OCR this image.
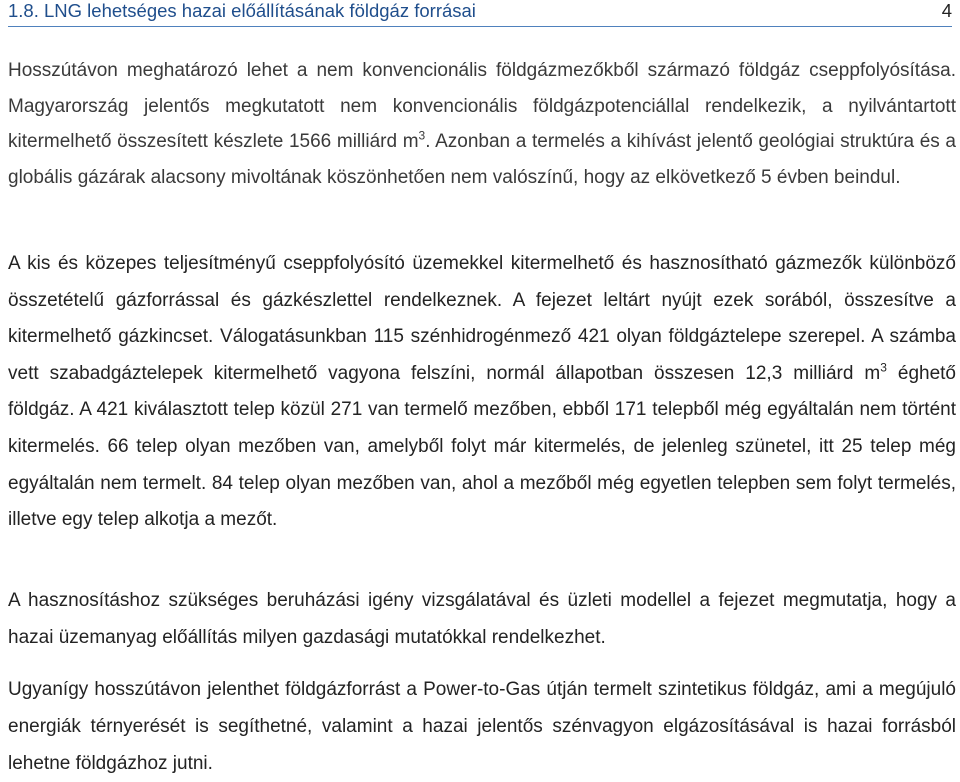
1.8. LNG lehetséges hazai előállításának földgáz forrásai	4

Hosszútávon meghatározó lehet a nem konvencionális földgázmezőkből származó földgáz cseppfolyósítása. Magyarország jelentős megkutatott nem konvencionális földgázpotenciállal rendelkezik, a nyilvántartott kitermelhető összesített készlete 1566 milliárd $m^3$. Azonban a termelés a kihívást jelentő geológiai struktúra és a globális gázárak alacsony mivoltának köszönhetően nem valószínű, hogy az elkövetkező 5 évben beindul.

A kis és közepes teljesítményű cseppfolyósító üzemekkel kitermelhető és hasznosítható gázmezők különböző összetételű gázforrással és gázkészlettel rendelkeznek. A fejezet leltárt nyújt ezek sorából, összesítve a kitermelhető gázkincset. Válogatásunkban 115 szénhidrogénmező 421 olyan földgáztelepe szerepel. A számba vett szabadgáztelepek kitermelhető vagyona felszíni, normál állapotban összesen 12,3 milliárd $m^3$ éghető földgáz. A 421 kiválasztott telep közül 271 van termelő mezőben, ebből 171 telepből még egyáltalán nem történt kitermelés. 66 telep olyan mezőben van, amelyből folyt már kitermelés, de jelenleg szünetel, itt 25 telep még egyáltalán nem termelt. 84 telep olyan mezőben van, ahol a mezőből még egyetlen telepben sem folyt termelés, illetve egy telep alkotja a mezőt.

A hasznosításhoz szükséges beruházási igény vizsgálatával és üzleti modellel a fejezet megmutatja, hogy a hazai üzemanyag előállítás milyen gazdasági mutatókkal rendelkezhet.

Ugyanígy hosszútávon jelenthet földgázforrást a Power-to-Gas útján termelt szintetikus földgáz, ami a megújuló energiák térnyerését is segíthetné, valamint a hazai jelentős szénvagyon elgázosításával is hazai forrásból lehetne földgázhoz jutni.
